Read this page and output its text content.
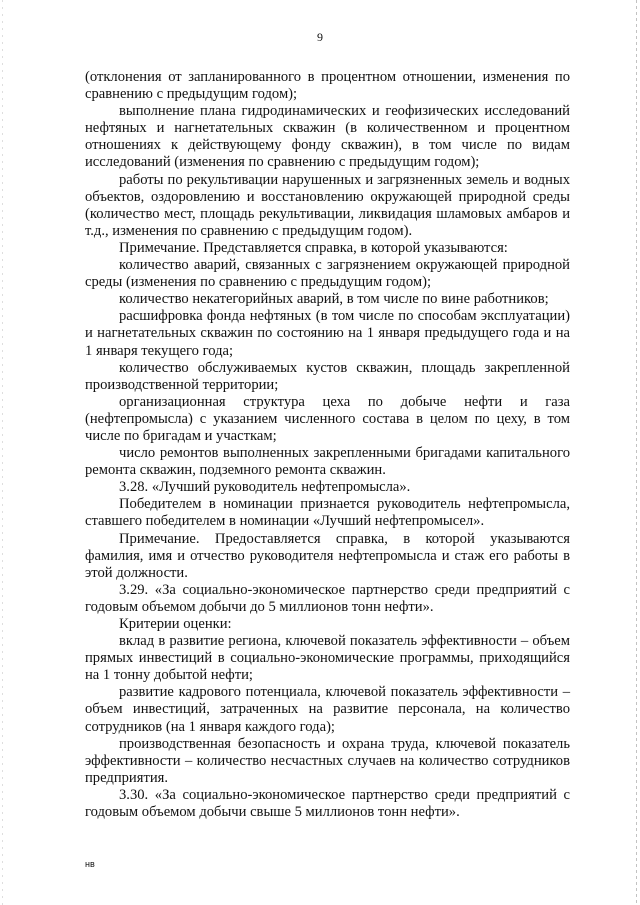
9

(отклонения от запланированного в процентном отношении, изменения по сравнению с предыдущим годом);

выполнение плана гидродинамических и геофизических исследований нефтяных и нагнетательных скважин (в количественном и процентном отношениях к действующему фонду скважин), в том числе по видам исследований (изменения по сравнению с предыдущим годом);

работы по рекультивации нарушенных и загрязненных земель и водных объектов, оздоровлению и восстановлению окружающей природной среды (количество мест, площадь рекультивации, ликвидация шламовых амбаров и т.д., изменения по сравнению с предыдущим годом).

Примечание. Представляется справка, в которой указываются:

количество аварий, связанных с загрязнением окружающей природной среды (изменения по сравнению с предыдущим годом);

количество некатегорийных аварий, в том числе по вине работников;

расшифровка фонда нефтяных (в том числе по способам эксплуатации) и нагнетательных скважин по состоянию на 1 января предыдущего года и на 1 января текущего года;

количество обслуживаемых кустов скважин, площадь закрепленной производственной территории;

организационная структура цеха по добыче нефти и газа (нефтепромысла) с указанием численного состава в целом по цеху, в том числе по бригадам и участкам;

число ремонтов выполненных закрепленными бригадами капитального ремонта скважин, подземного ремонта скважин.

3.28. «Лучший руководитель нефтепромысла».

Победителем в номинации признается руководитель нефтепромысла, ставшего победителем в номинации «Лучший нефтепромысел».

Примечание. Предоставляется справка, в которой указываются фамилия, имя и отчество руководителя нефтепромысла и стаж его работы в этой должности.

3.29. «За социально-экономическое партнерство среди предприятий с годовым объемом добычи до 5 миллионов тонн нефти».

Критерии оценки:

вклад в развитие региона, ключевой показатель эффективности – объем прямых инвестиций в социально-экономические программы, приходящийся на 1 тонну добытой нефти;

развитие кадрового потенциала, ключевой показатель эффективности – объем инвестиций, затраченных на развитие персонала, на количество сотрудников (на 1 января каждого года);

производственная безопасность и охрана труда, ключевой показатель эффективности – количество несчастных случаев на количество сотрудников предприятия.

3.30. «За социально-экономическое партнерство среди предприятий с годовым объемом добычи свыше 5 миллионов тонн нефти».

нв
